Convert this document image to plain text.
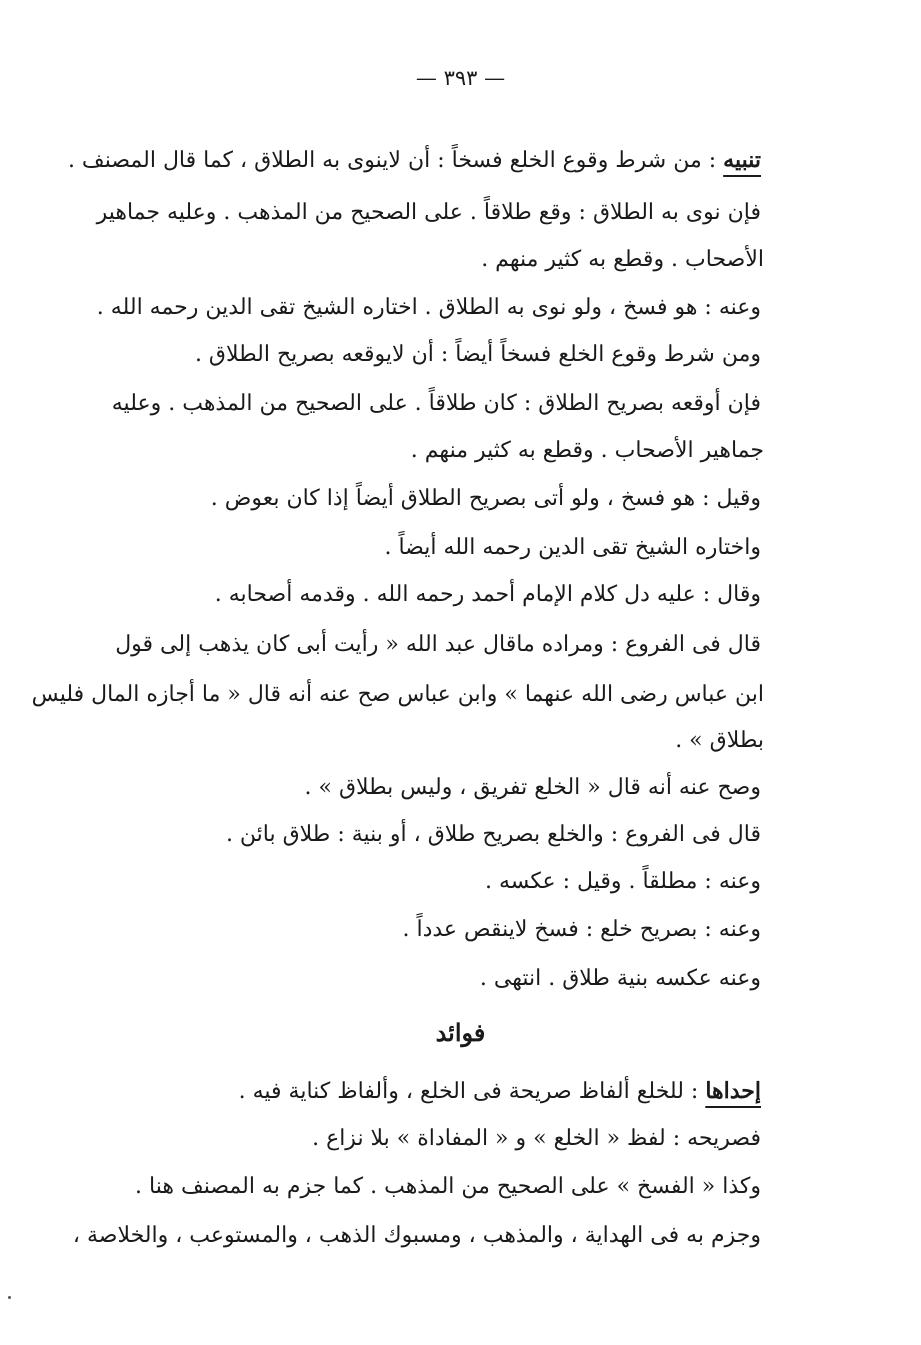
— ٣٩٣ —
تنبيه : من شرط وقوع الخلع فسخاً : أن لاينوى به الطلاق ، كما قال المصنف .
فإن نوى به الطلاق : وقع طلاقاً . على الصحيح من المذهب . وعليه جماهير
الأصحاب . وقطع به كثير منهم .
وعنه : هو فسخ ، ولو نوى به الطلاق . اختاره الشيخ تقى الدين رحمه الله .
ومن شرط وقوع الخلع فسخاً أيضاً : أن لايوقعه بصريح الطلاق .
فإن أوقعه بصريح الطلاق : كان طلاقاً . على الصحيح من المذهب . وعليه
جماهير الأصحاب . وقطع به كثير منهم .
وقيل : هو فسخ ، ولو أتى بصريح الطلاق أيضاً إذا كان بعوض .
واختاره الشيخ تقى الدين رحمه الله أيضاً .
وقال : عليه دل كلام الإمام أحمد رحمه الله . وقدمه أصحابه .
قال فى الفروع : ومراده ماقال عبد الله « رأيت أبى كان يذهب إلى قول
ابن عباس رضى الله عنهما » وابن عباس صح عنه أنه قال « ما أجازه المال فليس
بطلاق » .
وصح عنه أنه قال « الخلع تفريق ، وليس بطلاق » .
قال فى الفروع : والخلع بصريح طلاق ، أو بنية : طلاق بائن .
وعنه : مطلقاً . وقيل : عكسه .
وعنه : بصريح خلع : فسخ لاينقص عدداً .
وعنه عكسه بنية طلاق . انتهى .
فوائد
إحداها : للخلع ألفاظ صريحة فى الخلع ، وألفاظ كناية فيه .
فصريحه : لفظ « الخلع » و « المفاداة » بلا نزاع .
وكذا « الفسخ » على الصحيح من المذهب . كما جزم به المصنف هنا .
وجزم به فى الهداية ، والمذهب ، ومسبوك الذهب ، والمستوعب ، والخلاصة ،
